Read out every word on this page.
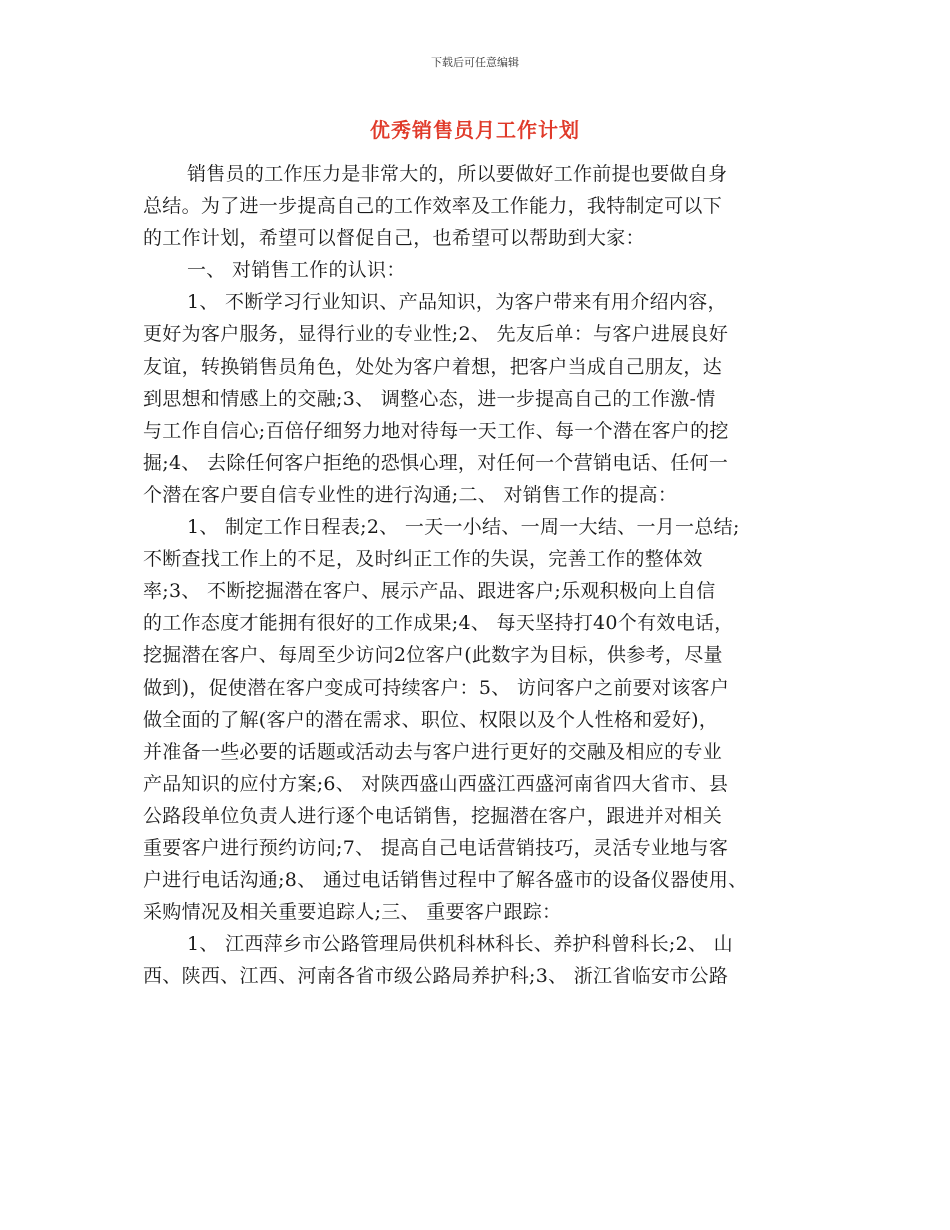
下载后可任意编辑
优秀销售员月工作计划
销售员的工作压力是非常大的，所以要做好工作前提也要做自身
总结。为了进一步提高自己的工作效率及工作能力，我特制定可以下
的工作计划，希望可以督促自己，也希望可以帮助到大家：
一、 对销售工作的认识：
1、 不断学习行业知识、产品知识，为客户带来有用介绍内容，
更好为客户服务，显得行业的专业性;2、 先友后单：与客户进展良好
友谊，转换销售员角色，处处为客户着想，把客户当成自己朋友，达
到思想和情感上的交融;3、 调整心态，进一步提高自己的工作激-情
与工作自信心;百倍仔细努力地对待每一天工作、每一个潜在客户的挖
掘;4、 去除任何客户拒绝的恐惧心理，对任何一个营销电话、任何一
个潜在客户要自信专业性的进行沟通;二、 对销售工作的提高：
1、 制定工作日程表;2、 一天一小结、一周一大结、一月一总结;
不断查找工作上的不足，及时纠正工作的失误，完善工作的整体效
率;3、 不断挖掘潜在客户、展示产品、跟进客户;乐观积极向上自信
的工作态度才能拥有很好的工作成果;4、 每天坚持打40个有效电话，
挖掘潜在客户、每周至少访问2位客户(此数字为目标，供参考，尽量
做到)，促使潜在客户变成可持续客户：5、 访问客户之前要对该客户
做全面的了解(客户的潜在需求、职位、权限以及个人性格和爱好)，
并准备一些必要的话题或活动去与客户进行更好的交融及相应的专业
产品知识的应付方案;6、 对陕西盛山西盛江西盛河南省四大省市、县
公路段单位负责人进行逐个电话销售，挖掘潜在客户，跟进并对相关
重要客户进行预约访问;7、 提高自己电话营销技巧，灵活专业地与客
户进行电话沟通;8、 通过电话销售过程中了解各盛市的设备仪器使用、
采购情况及相关重要追踪人;三、 重要客户跟踪：
1、 江西萍乡市公路管理局供机科林科长、养护科曾科长;2、 山
西、陕西、江西、河南各省市级公路局养护科;3、 浙江省临安市公路
